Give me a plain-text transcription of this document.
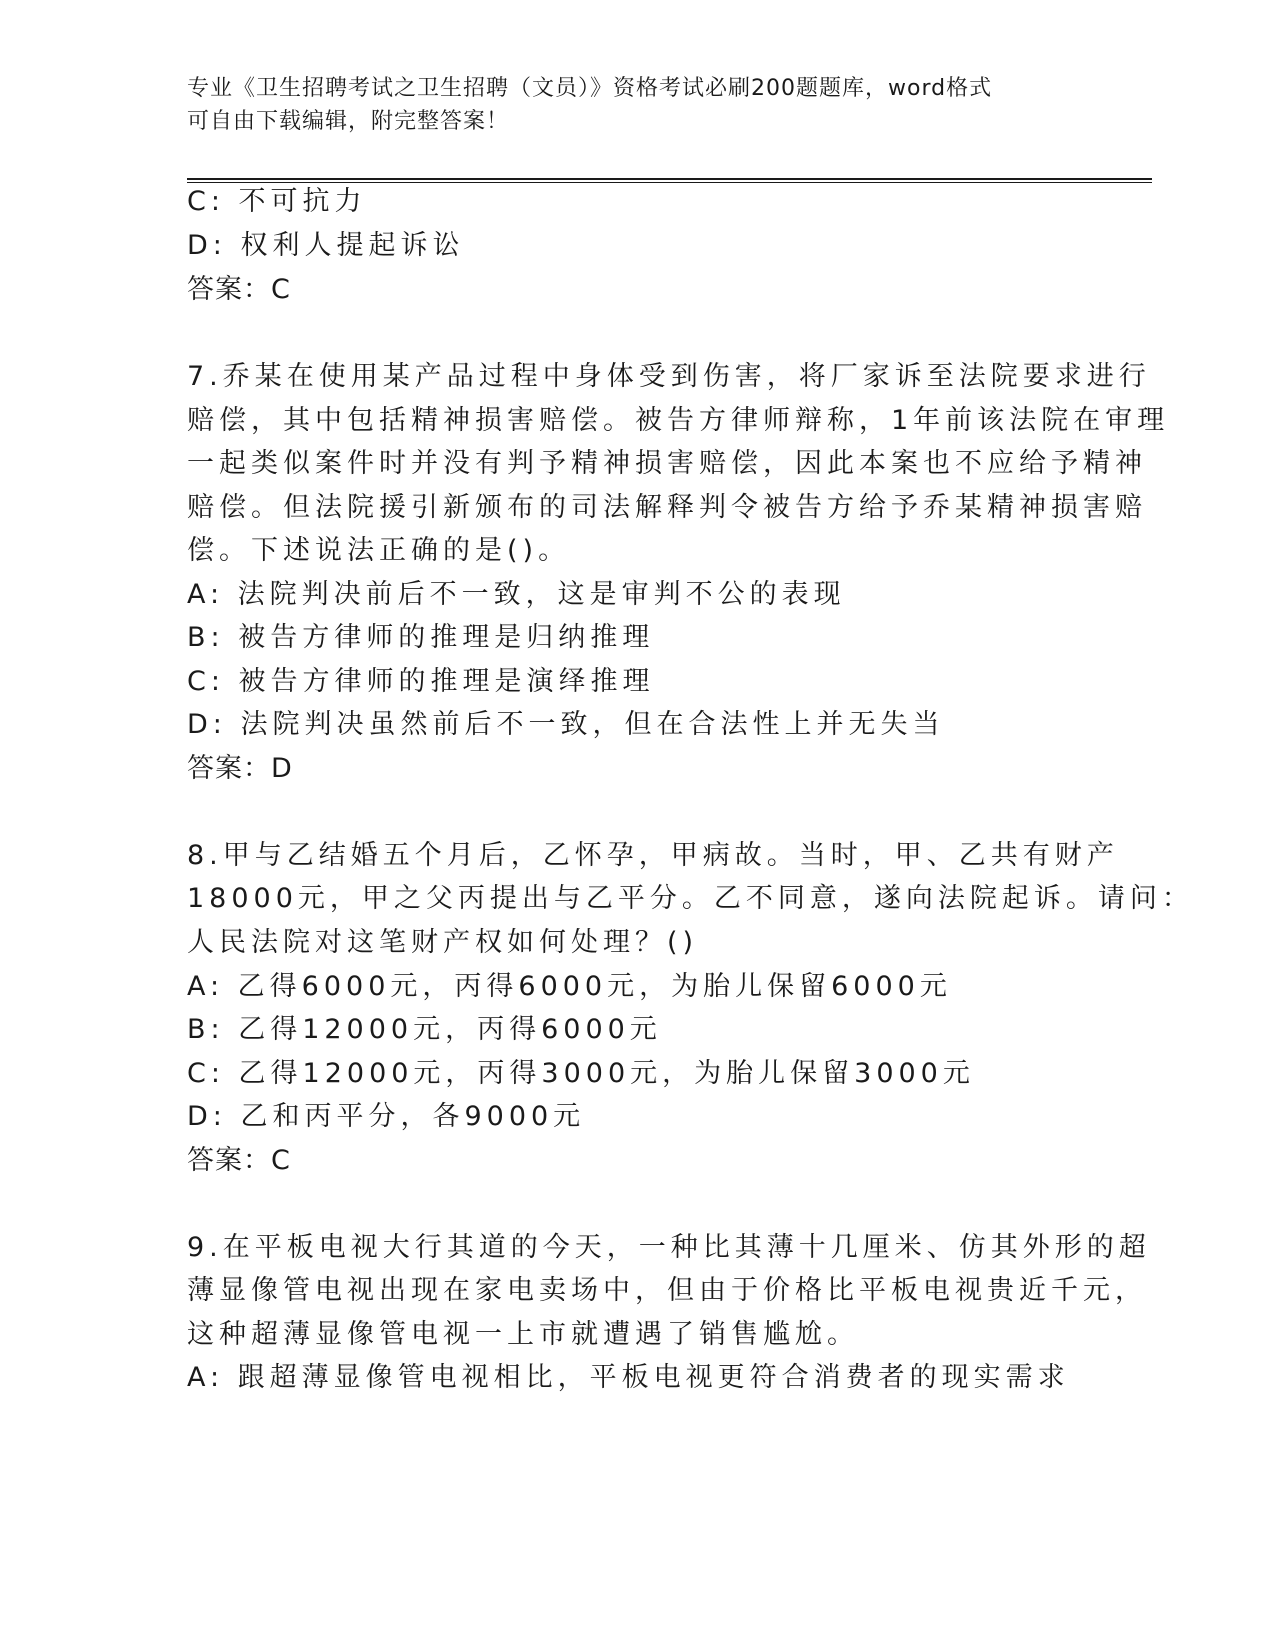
专业《卫生招聘考试之卫生招聘（文员）》资格考试必刷200题题库，word格式
可自由下载编辑，附完整答案！
C: 不可抗力
D: 权利人提起诉讼
答案：C
7.乔某在使用某产品过程中身体受到伤害，将厂家诉至法院要求进行
赔偿，其中包括精神损害赔偿。被告方律师辩称，1年前该法院在审理
一起类似案件时并没有判予精神损害赔偿，因此本案也不应给予精神
赔偿。但法院援引新颁布的司法解释判令被告方给予乔某精神损害赔
偿。下述说法正确的是()。
A: 法院判决前后不一致，这是审判不公的表现
B: 被告方律师的推理是归纳推理
C: 被告方律师的推理是演绎推理
D: 法院判决虽然前后不一致，但在合法性上并无失当
答案：D
8.甲与乙结婚五个月后，乙怀孕，甲病故。当时，甲、乙共有财产
18000元，甲之父丙提出与乙平分。乙不同意，遂向法院起诉。请问：
人民法院对这笔财产权如何处理？()
A: 乙得6000元，丙得6000元，为胎儿保留6000元
B: 乙得12000元，丙得6000元
C: 乙得12000元，丙得3000元，为胎儿保留3000元
D: 乙和丙平分，各9000元
答案：C
9.在平板电视大行其道的今天，一种比其薄十几厘米、仿其外形的超
薄显像管电视出现在家电卖场中，但由于价格比平板电视贵近千元，
这种超薄显像管电视一上市就遭遇了销售尴尬。
A: 跟超薄显像管电视相比，平板电视更符合消费者的现实需求
